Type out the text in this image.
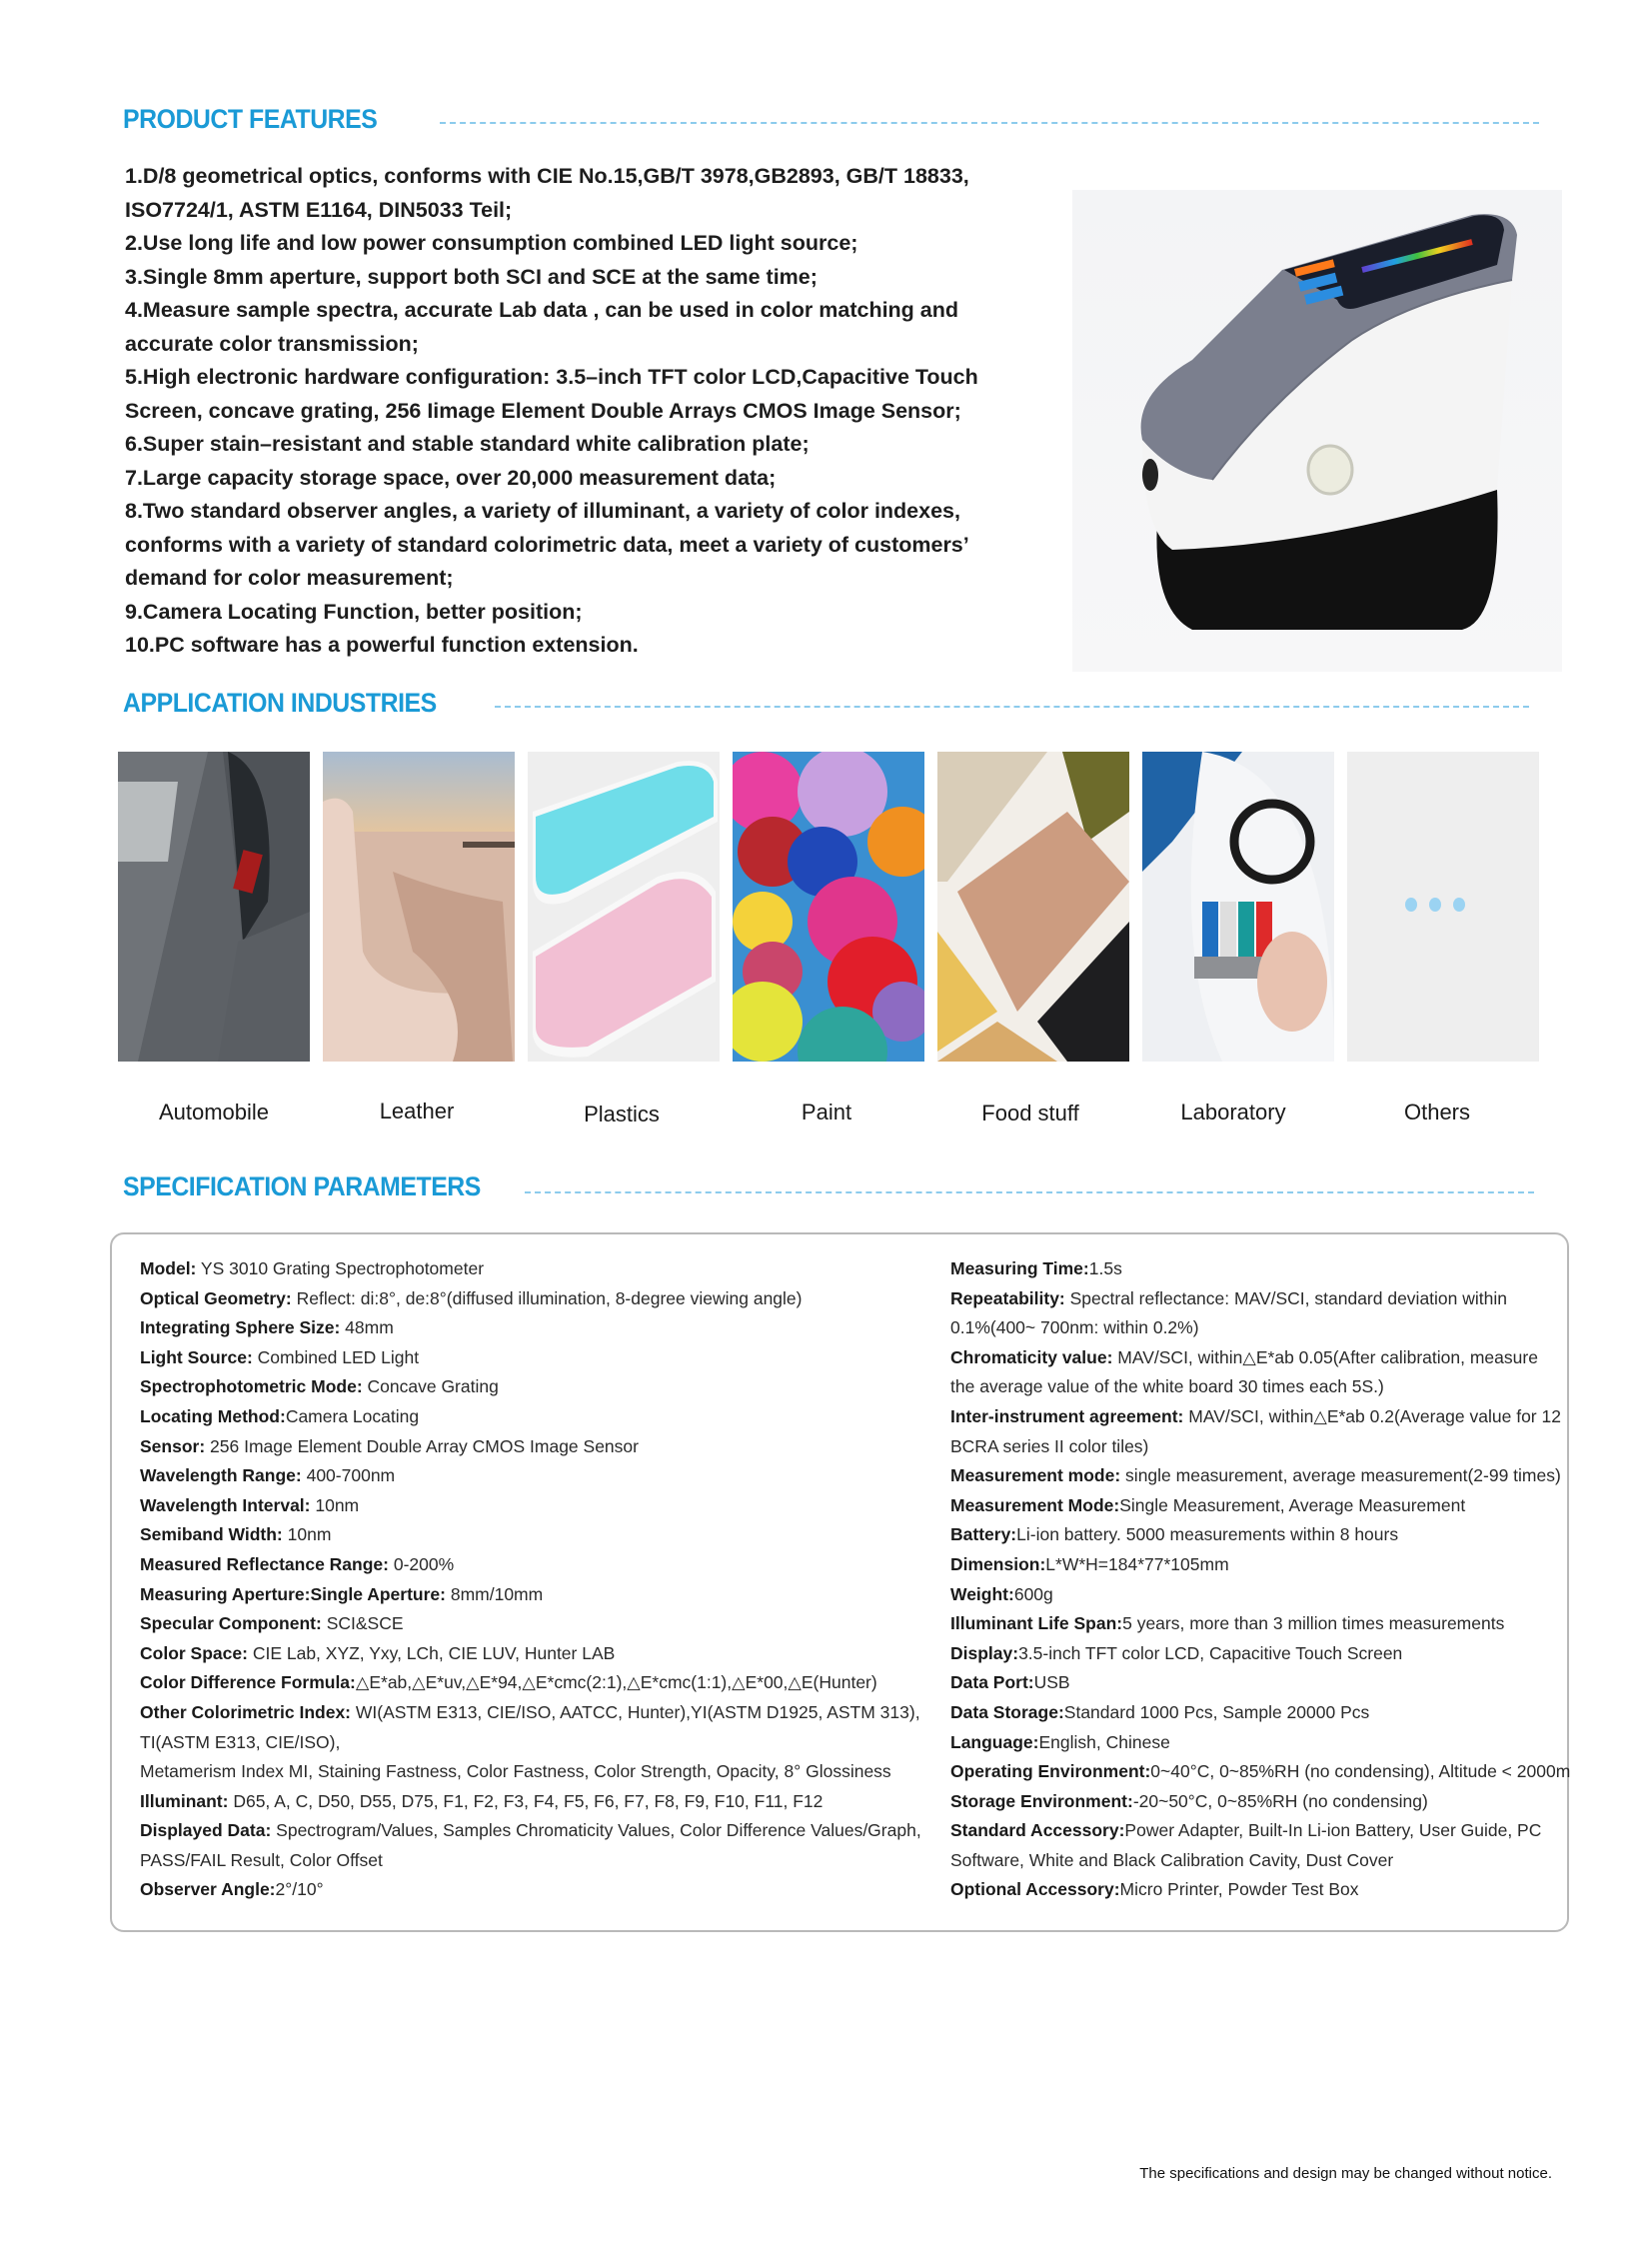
PRODUCT FEATURES

1.D/8 geometrical optics, conforms with CIE No.15,GB/T 3978,GB2893, GB/T 18833,

ISO7724/1, ASTM E1164, DIN5033 Teil;

2.Use long life and low power consumption combined LED light source;

3.Single 8mm aperture, support both SCI and SCE at the same time;

4.Measure sample spectra, accurate Lab data , can be used in color matching and

accurate color transmission;

5.High electronic hardware configuration: 3.5–inch TFT color LCD,Capacitive Touch

Screen, concave grating, 256 Iimage Element Double Arrays CMOS Image Sensor;

6.Super stain–resistant and stable standard white calibration plate;

7.Large capacity storage space, over 20,000 measurement data;

8.Two standard observer angles, a variety of illuminant, a variety of color indexes,

conforms with a variety of standard colorimetric data, meet a variety of customers’

demand for color measurement;

9.Camera Locating Function, better position;

10.PC software has a powerful function extension.

APPLICATION INDUSTRIES
Automobile	Leather	Plastics	Paint	Food stuff	Laboratory	Others
SPECIFICATION PARAMETERS
Model: YS 3010 Grating Spectrophotometer
Optical Geometry: Reflect: di:8°, de:8°(diffused illumination, 8-degree viewing angle)
Integrating Sphere Size: 48mm
Light Source: Combined LED Light
Spectrophotometric Mode: Concave Grating
Locating Method:Camera Locating
Sensor: 256 Image Element Double Array CMOS Image Sensor
Wavelength Range: 400-700nm
Wavelength Interval: 10nm
Semiband Width: 10nm
Measured Reflectance Range: 0-200%
Measuring Aperture:Single Aperture: 8mm/10mm
Specular Component: SCI&SCE
Color Space: CIE Lab, XYZ, Yxy, LCh, CIE LUV, Hunter LAB
Color Difference Formula:△E*ab,△E*uv,△E*94,△E*cmc(2:1),△E*cmc(1:1),△E*00,△E(Hunter)
Other Colorimetric Index: WI(ASTM E313, CIE/ISO, AATCC, Hunter),YI(ASTM D1925, ASTM 313),
TI(ASTM E313, CIE/ISO),
Metamerism Index MI, Staining Fastness, Color Fastness, Color Strength, Opacity, 8° Glossiness
Illuminant: D65, A, C, D50, D55, D75, F1, F2, F3, F4, F5, F6, F7, F8, F9, F10, F11, F12
Displayed Data: Spectrogram/Values, Samples Chromaticity Values, Color Difference Values/Graph,
PASS/FAIL Result, Color Offset
Observer Angle:2°/10°
Measuring Time:1.5s
Repeatability: Spectral reflectance: MAV/SCI, standard deviation within
0.1%(400~ 700nm: within 0.2%)
Chromaticity value: MAV/SCI, within△E*ab 0.05(After calibration, measure
the average value of the white board 30 times each 5S.)
Inter-instrument agreement: MAV/SCI, within△E*ab 0.2(Average value for 12
BCRA series II color tiles)
Measurement mode: single measurement, average measurement(2-99 times)
Measurement Mode:Single Measurement, Average Measurement
Battery:Li-ion battery. 5000 measurements within 8 hours
Dimension:L*W*H=184*77*105mm
Weight:600g
Illuminant Life Span:5 years, more than 3 million times measurements
Display:3.5-inch TFT color LCD, Capacitive Touch Screen
Data Port:USB
Data Storage:Standard 1000 Pcs, Sample 20000 Pcs
Language:English, Chinese
Operating Environment:0~40°C, 0~85%RH (no condensing), Altitude < 2000m
Storage Environment:-20~50°C, 0~85%RH (no condensing)
Standard Accessory:Power Adapter, Built-In Li-ion Battery, User Guide, PC
Software, White and Black Calibration Cavity, Dust Cover
Optional Accessory:Micro Printer, Powder Test Box
The specifications and design may be changed without notice.
